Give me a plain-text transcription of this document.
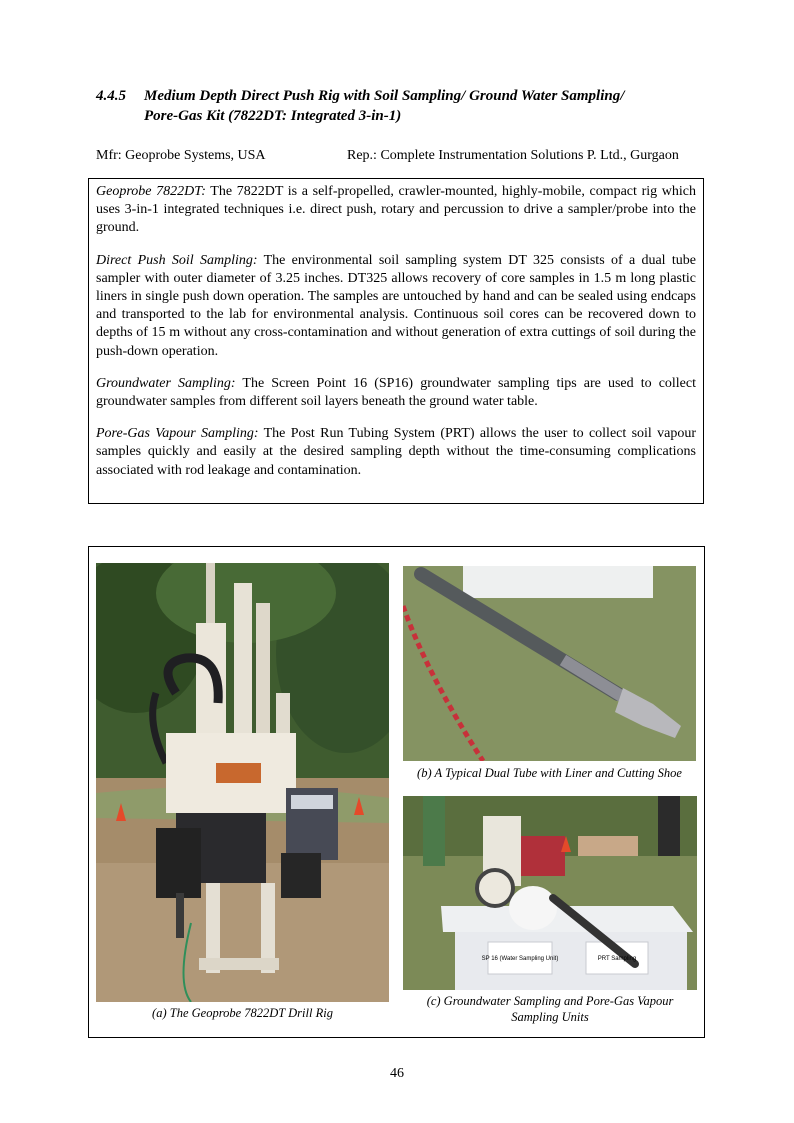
4.4.5 Medium Depth Direct Push Rig with Soil Sampling/ Ground Water Sampling/
Pore-Gas Kit (7822DT: Integrated 3-in-1)
Mfr: Geoprobe Systems, USA	Rep.: Complete Instrumentation Solutions P. Ltd., Gurgaon

Geoprobe 7822DT: The 7822DT is a self-propelled, crawler-mounted, highly-mobile, compact rig which uses 3-in-1 integrated techniques i.e. direct push, rotary and percussion to drive a sampler/probe into the ground.

Direct Push Soil Sampling: The environmental soil sampling system DT 325 consists of a dual tube sampler with outer diameter of 3.25 inches. DT325 allows recovery of core samples in 1.5 m long plastic liners in single push down operation. The samples are untouched by hand and can be sealed using endcaps and transported to the lab for environmental analysis. Continuous soil cores can be recovered down to depths of 15 m without any cross-contamination and without generation of extra cuttings of soil during the push-down operation.

Groundwater Sampling: The Screen Point 16 (SP16) groundwater sampling tips are used to collect groundwater samples from different soil layers beneath the ground water table.

Pore-Gas Vapour Sampling: The Post Run Tubing System (PRT) allows the user to collect soil vapour samples quickly and easily at the desired sampling depth without the time-consuming complications associated with rod leakage and contamination.

(a) The Geoprobe 7822DT Drill Rig
(b) A Typical Dual Tube with Liner and Cutting Shoe
SP 16 (Water Sampling Unit)	PRT Sampling
(c) Groundwater Sampling and Pore-Gas Vapour Sampling Units
46
